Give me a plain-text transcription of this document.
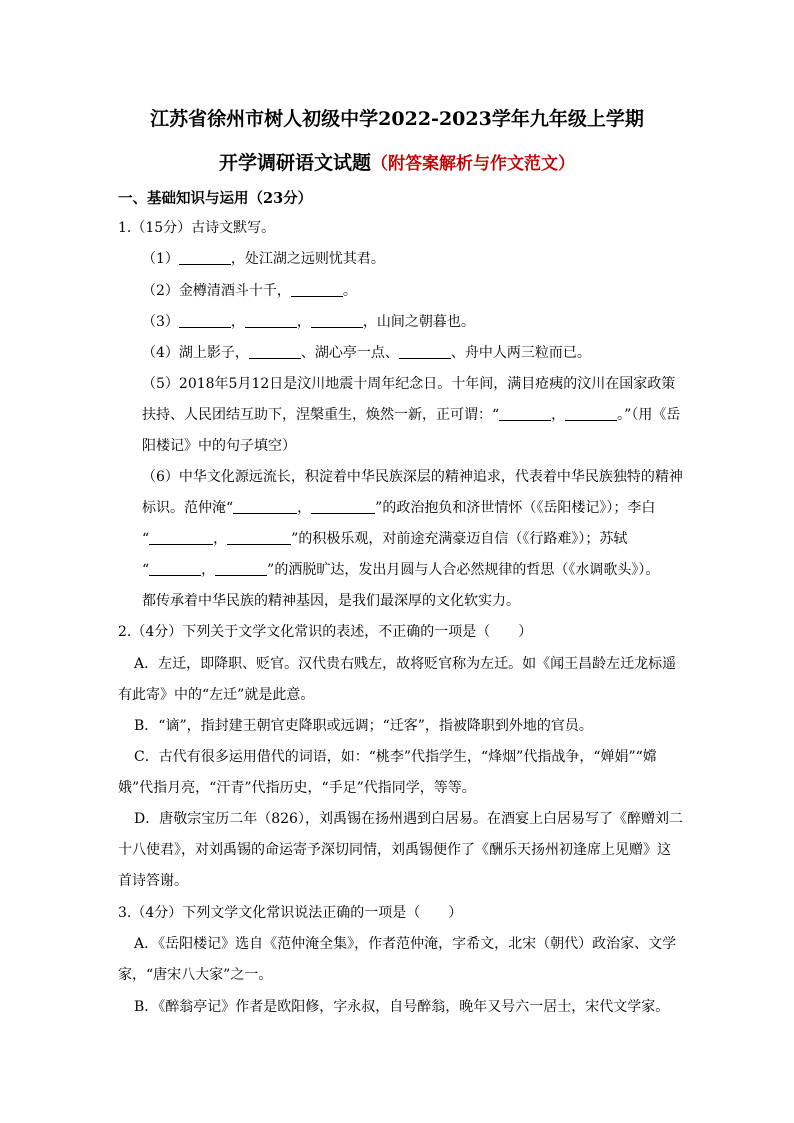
江苏省徐州市树人初级中学2022-2023学年九年级上学期
开学调研语文试题（附答案解析与作文范文）
一、基础知识与运用（23分）
1.（15分）古诗文默写。
（1）	，处江湖之远则忧其君。
（2）金樽清酒斗十千，	。
（3）	，	，	，山间之朝暮也。
（4）湖上影子，	、湖心亭一点、	、舟中人两三粒而已。
（5）2018年5月12日是汶川地震十周年纪念日。十年间，满目疮痍的汶川在国家政策
扶持、人民团结互助下，涅槃重生，焕然一新，正可谓：“	，	。”（用《岳
阳楼记》中的句子填空）
（6）中华文化源远流长，积淀着中华民族深层的精神追求，代表着中华民族独特的精神
标识。范仲淹“	，	”的政治抱负和济世情怀（《岳阳楼记》）；李白
“	，	”的积极乐观，对前途充满豪迈自信（《行路难》）；苏轼
“	，	”的洒脱旷达，发出月圆与人合必然规律的哲思（《水调歌头》）。
都传承着中华民族的精神基因，是我们最深厚的文化软实力。
2.（4分）下列关于文学文化常识的表述，不正确的一项是（　　）
A．左迁，即降职、贬官。汉代贵右贱左，故将贬官称为左迁。如《闻王昌龄左迁龙标遥
有此寄》中的“左迁”就是此意。
B．“谪”，指封建王朝官吏降职或远调；“迁客”，指被降职到外地的官员。
C．古代有很多运用借代的词语，如：“桃李”代指学生，“烽烟”代指战争，“婵娟”“嫦
娥”代指月亮，“汗青”代指历史，“手足”代指同学，等等。
D．唐敬宗宝历二年（826），刘禹锡在扬州遇到白居易。在酒宴上白居易写了《醉赠刘二
十八使君》，对刘禹锡的命运寄予深切同情，刘禹锡便作了《酬乐天扬州初逢席上见赠》这
首诗答谢。
3.（4分）下列文学文化常识说法正确的一项是（　　）
A．《岳阳楼记》选自《范仲淹全集》，作者范仲淹，字希文，北宋（朝代）政治家、文学
家，“唐宋八大家”之一。
B．《醉翁亭记》作者是欧阳修，字永叔，自号醉翁，晚年又号六一居士，宋代文学家。
